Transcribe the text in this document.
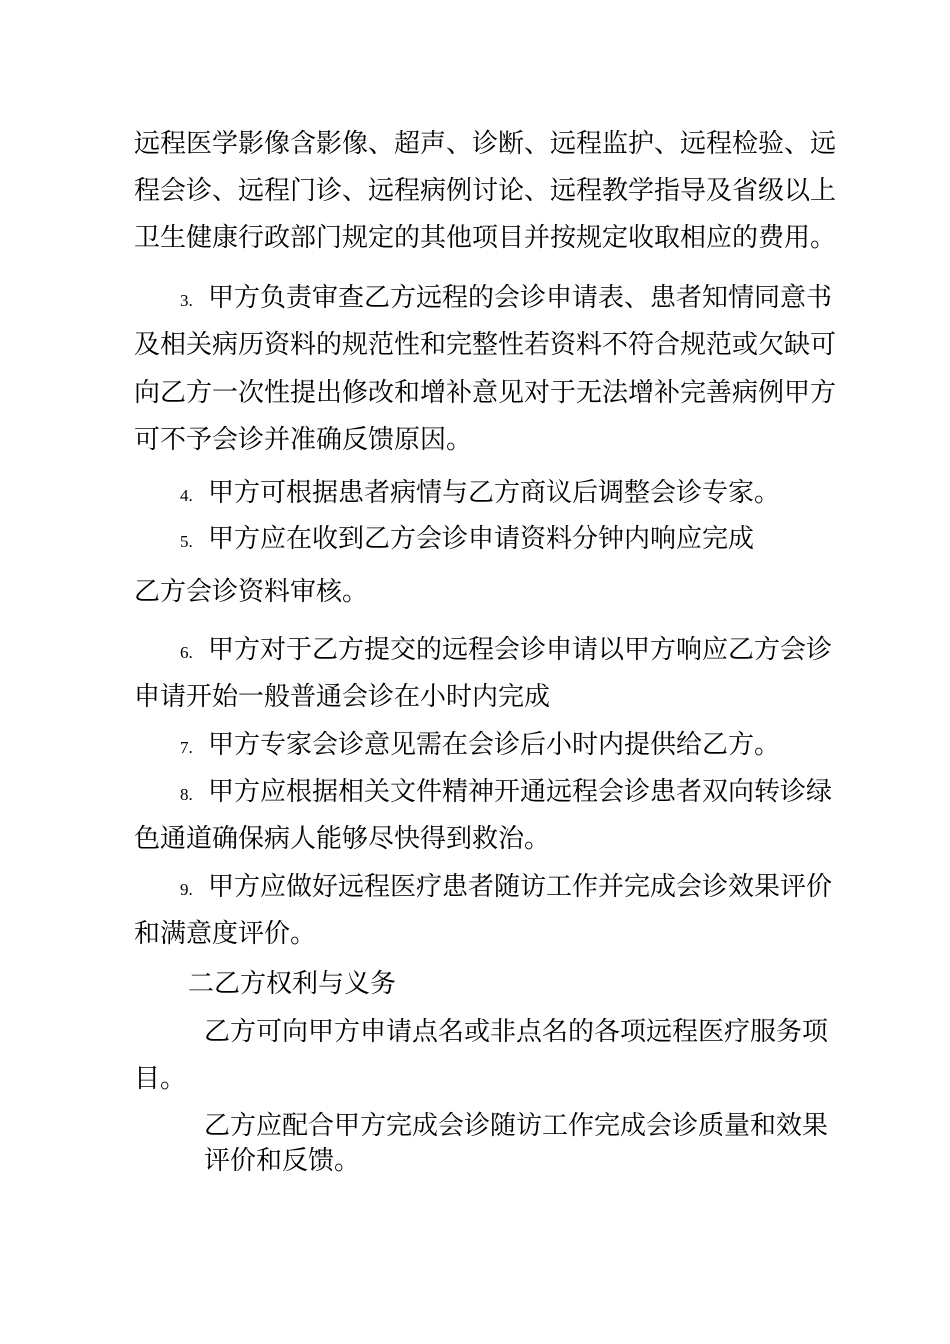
远程医学影像含影像、超声、诊断、远程监护、远程检验、远
程会诊、远程门诊、远程病例讨论、远程教学指导及省级以上
卫生健康行政部门规定的其他项目并按规定收取相应的费用。
3. 甲方负责审查乙方远程的会诊申请表、患者知情同意书
及相关病历资料的规范性和完整性若资料不符合规范或欠缺可
向乙方一次性提出修改和增补意见对于无法增补完善病例甲方
可不予会诊并准确反馈原因。
4. 甲方可根据患者病情与乙方商议后调整会诊专家。
5. 甲方应在收到乙方会诊申请资料分钟内响应完成
乙方会诊资料审核。
6. 甲方对于乙方提交的远程会诊申请以甲方响应乙方会诊
申请开始一般普通会诊在小时内完成
7. 甲方专家会诊意见需在会诊后小时内提供给乙方。
8. 甲方应根据相关文件精神开通远程会诊患者双向转诊绿
色通道确保病人能够尽快得到救治。
9. 甲方应做好远程医疗患者随访工作并完成会诊效果评价
和满意度评价。
二乙方权利与义务
乙方可向甲方申请点名或非点名的各项远程医疗服务项
目。
乙方应配合甲方完成会诊随访工作完成会诊质量和效果
评价和反馈。
